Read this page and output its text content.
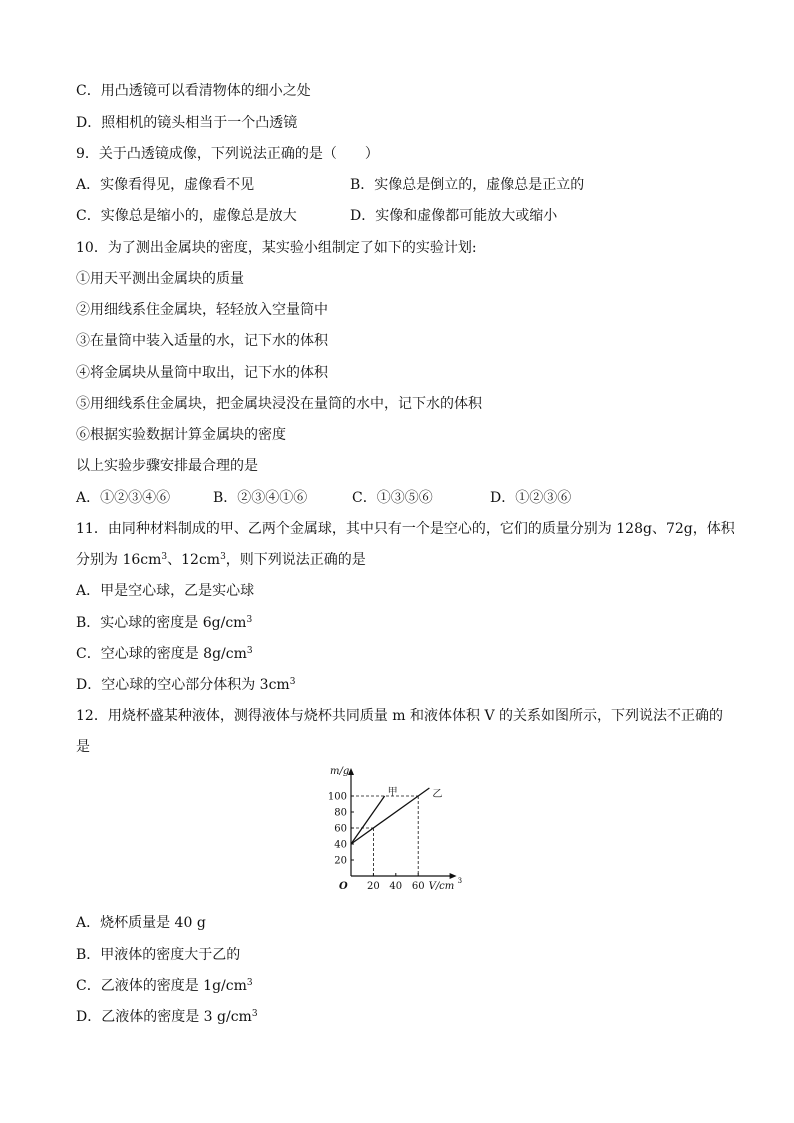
C．用凸透镜可以看清物体的细小之处
D．照相机的镜头相当于一个凸透镜
9．关于凸透镜成像，下列说法正确的是（　　）
A．实像看得见，虚像看不见	B．实像总是倒立的，虚像总是正立的
C．实像总是缩小的，虚像总是放大	D．实像和虚像都可能放大或缩小
10．为了测出金属块的密度，某实验小组制定了如下的实验计划:
①用天平测出金属块的质量
②用细线系住金属块，轻轻放入空量筒中
③在量筒中装入适量的水，记下水的体积
④将金属块从量筒中取出，记下水的体积
⑤用细线系住金属块，把金属块浸没在量筒的水中，记下水的体积
⑥根据实验数据计算金属块的密度
以上实验步骤安排最合理的是
A．①②③④⑥	B．②③④①⑥	C．①③⑤⑥	D．①②③⑥
11．由同种材料制成的甲、乙两个金属球，其中只有一个是空心的，它们的质量分别为 128g、72g，体积
分别为 $16cm^3$、$12cm^3$，则下列说法正确的是
A．甲是空心球，乙是实心球
B．实心球的密度是 $6g/cm^3$
C．空心球的密度是 $8g/cm^3$
D．空心球的空心部分体积为 $3cm^3$
12．用烧杯盛某种液体，测得液体与烧杯共同质量 m 和液体体积 V 的关系如图所示，下列说法不正确的
是
20 40 60
20
40
60
80
100
O
m/g
V/cm 3
甲	乙
A．烧杯质量是 40 g
B．甲液体的密度大于乙的
C．乙液体的密度是 $1g/cm^3$
D．乙液体的密度是 3 $g/cm^3$
